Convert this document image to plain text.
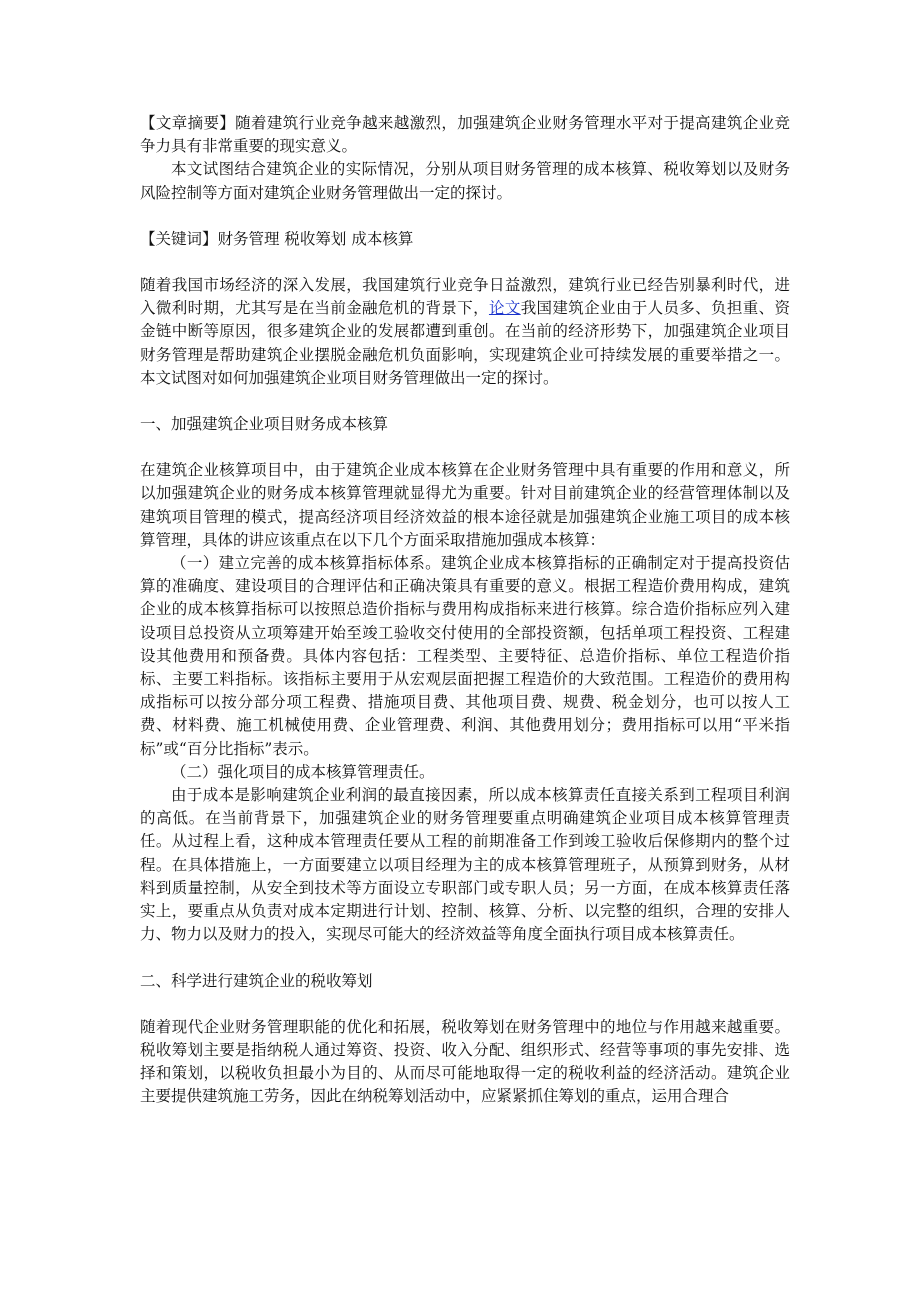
【文章摘要】随着建筑行业竞争越来越激烈，加强建筑企业财务管理水平对于提高建筑企业竞争力具有非常重要的现实意义。

本文试图结合建筑企业的实际情况，分别从项目财务管理的成本核算、税收筹划以及财务风险控制等方面对建筑企业财务管理做出一定的探讨。

【关键词】财务管理 税收筹划 成本核算

随着我国市场经济的深入发展，我国建筑行业竞争日益激烈，建筑行业已经告别暴利时代，进入微利时期，尤其写是在当前金融危机的背景下，论文我国建筑企业由于人员多、负担重、资金链中断等原因，很多建筑企业的发展都遭到重创。在当前的经济形势下，加强建筑企业项目财务管理是帮助建筑企业摆脱金融危机负面影响，实现建筑企业可持续发展的重要举措之一。本文试图对如何加强建筑企业项目财务管理做出一定的探讨。

一、加强建筑企业项目财务成本核算

在建筑企业核算项目中，由于建筑企业成本核算在企业财务管理中具有重要的作用和意义，所以加强建筑企业的财务成本核算管理就显得尤为重要。针对目前建筑企业的经营管理体制以及建筑项目管理的模式，提高经济项目经济效益的根本途径就是加强建筑企业施工项目的成本核算管理，具体的讲应该重点在以下几个方面采取措施加强成本核算：

（一）建立完善的成本核算指标体系。建筑企业成本核算指标的正确制定对于提高投资估算的准确度、建设项目的合理评估和正确决策具有重要的意义。根据工程造价费用构成，建筑企业的成本核算指标可以按照总造价指标与费用构成指标来进行核算。综合造价指标应列入建设项目总投资从立项筹建开始至竣工验收交付使用的全部投资额，包括单项工程投资、工程建设其他费用和预备费。具体内容包括：工程类型、主要特征、总造价指标、单位工程造价指标、主要工料指标。该指标主要用于从宏观层面把握工程造价的大致范围。工程造价的费用构成指标可以按分部分项工程费、措施项目费、其他项目费、规费、税金划分，也可以按人工费、材料费、施工机械使用费、企业管理费、利润、其他费用划分；费用指标可以用“平米指标”或“百分比指标”表示。

（二）强化项目的成本核算管理责任。

由于成本是影响建筑企业利润的最直接因素，所以成本核算责任直接关系到工程项目利润的高低。在当前背景下，加强建筑企业的财务管理要重点明确建筑企业项目成本核算管理责任。从过程上看，这种成本管理责任要从工程的前期准备工作到竣工验收后保修期内的整个过程。在具体措施上，一方面要建立以项目经理为主的成本核算管理班子，从预算到财务，从材料到质量控制，从安全到技术等方面设立专职部门或专职人员；另一方面，在成本核算责任落实上，要重点从负责对成本定期进行计划、控制、核算、分析、以完整的组织，合理的安排人力、物力以及财力的投入，实现尽可能大的经济效益等角度全面执行项目成本核算责任。

二、科学进行建筑企业的税收筹划

随着现代企业财务管理职能的优化和拓展，税收筹划在财务管理中的地位与作用越来越重要。税收筹划主要是指纳税人通过筹资、投资、收入分配、组织形式、经营等事项的事先安排、选择和策划，以税收负担最小为目的、从而尽可能地取得一定的税收利益的经济活动。建筑企业主要提供建筑施工劳务，因此在纳税筹划活动中，应紧紧抓住筹划的重点，运用合理合
